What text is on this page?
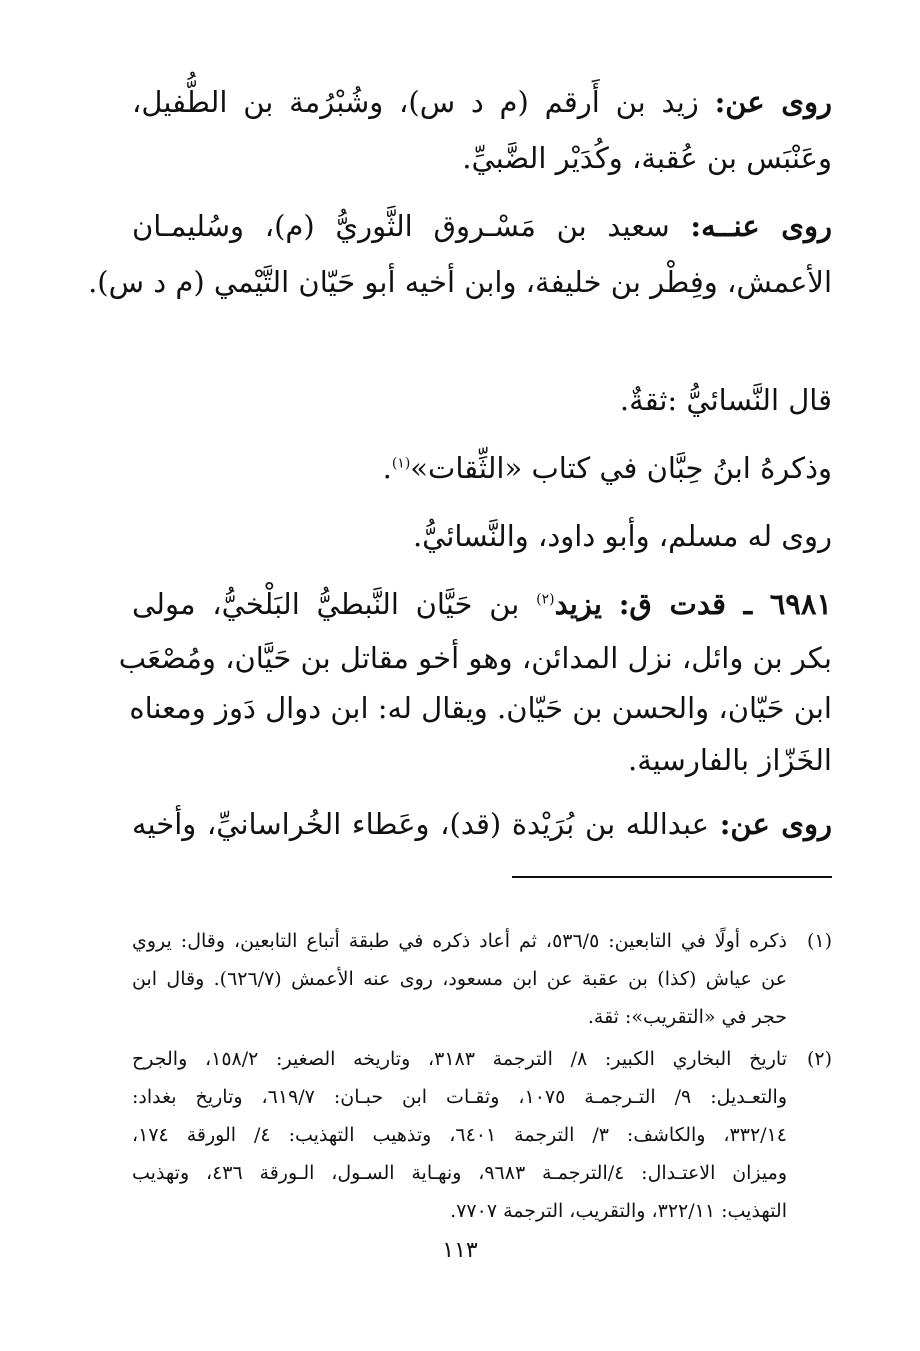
روى عن: زيد بن أَرقم (م د س)، وشُبْرُمة بن الطُّفيل،
وعَنْبَس بن عُقبة، وكُدَيْر الضَّبيِّ.
روى عنــه: سعيد بن مَسْـروق الثَّوريُّ (م)، وسُليمـان
الأعمش، وفِطْر بن خليفة، وابن أخيه أبو حَيّان التَّيْمي (م د س).
قال النَّسائيُّ :ثقةٌ.
وذكرهُ ابنُ حِبَّان في كتاب «الثِّقات»$^{(١)}$.
روى له مسلم، وأبو داود، والنَّسائيُّ.
٦٩٨١ ـ قدت ق: يزيد$^{(٢)}$ بن حَيَّان النَّبطيُّ البَلْخيُّ، مولى
بكر بن وائل، نزل المدائن، وهو أخو مقاتل بن حَيَّان، ومُصْعَب
ابن حَيّان، والحسن بن حَيّان. ويقال له: ابن دوال دَوز ومعناه
الخَزّاز بالفارسية.
روى عن: عبدالله بن بُرَيْدة (قد)، وعَطاء الخُراسانيِّ، وأخيه
(١)
ذكره أولًا في التابعين: ٥٣٦/٥، ثم أعاد ذكره في طبقة أتباع التابعين، وقال: يروي
عن عياش (كذا) بن عقبة عن ابن مسعود، روى عنه الأعمش (٦٢٦/٧). وقال ابن
حجر في «التقريب»: ثقة.
(٢)
تاريخ البخاري الكبير: ٨/ الترجمة ٣١٨٣، وتاريخه الصغير: ١٥٨/٢، والجرح
والتعـديل: ٩/ التـرجمـة ١٠٧٥، وثقـات ابن حبـان: ٦١٩/٧، وتاريخ بغداد:
٣٣٢/١٤، والكاشف: ٣/ الترجمة ٦٤٠١، وتذهيب التهذيب: ٤/ الورقة ١٧٤،
وميزان الاعتـدال: ٤/الترجمـة ٩٦٨٣، ونهـاية السـول، الـورقة ٤٣٦، وتهذيب
التهذيب: ٣٢٢/١١، والتقريب، الترجمة ٧٧٠٧.
١١٣
